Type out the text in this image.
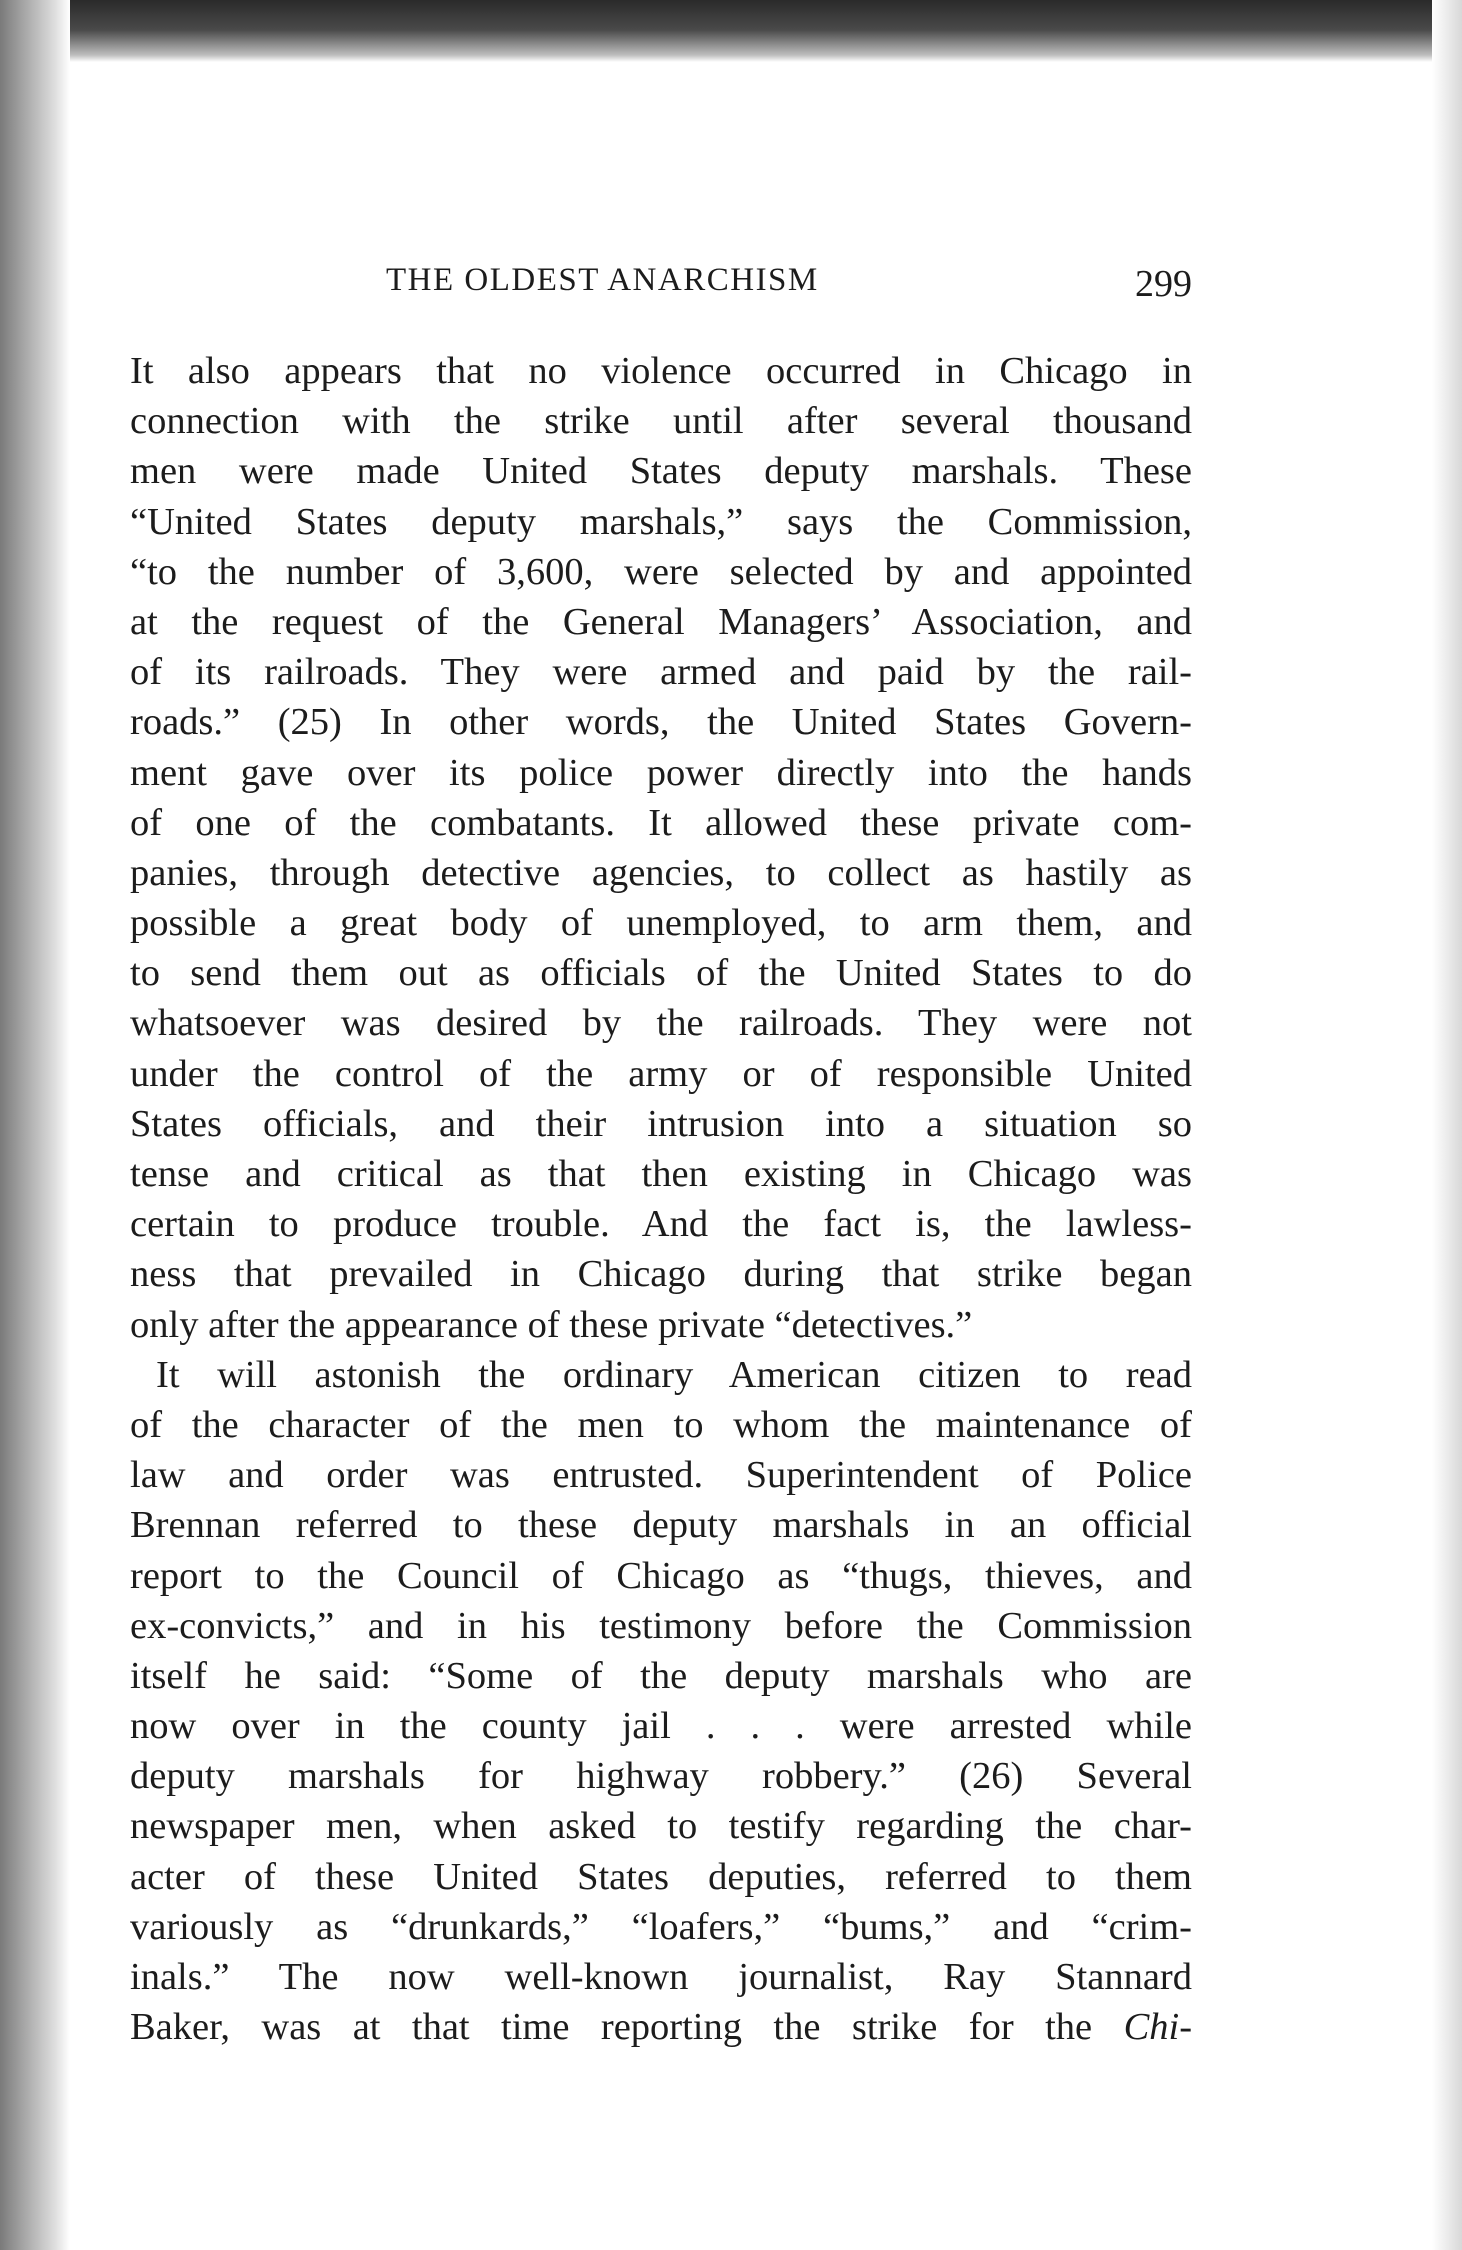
THE OLDEST ANARCHISM	299
It also appears that no violence occurred in Chicago in
connection with the strike until after several thousand
men were made United States deputy marshals. These
“United States deputy marshals,” says the Commission,
“to the number of 3,600, were selected by and appointed
at the request of the General Managers’ Association, and
of its railroads. They were armed and paid by the rail-
roads.” (25) In other words, the United States Govern-
ment gave over its police power directly into the hands
of one of the combatants. It allowed these private com-
panies, through detective agencies, to collect as hastily as
possible a great body of unemployed, to arm them, and
to send them out as officials of the United States to do
whatsoever was desired by the railroads. They were not
under the control of the army or of responsible United
States officials, and their intrusion into a situation so
tense and critical as that then existing in Chicago was
certain to produce trouble. And the fact is, the lawless-
ness that prevailed in Chicago during that strike began
only after the appearance of these private “detectives.”
It will astonish the ordinary American citizen to read
of the character of the men to whom the maintenance of
law and order was entrusted. Superintendent of Police
Brennan referred to these deputy marshals in an official
report to the Council of Chicago as “thugs, thieves, and
ex-convicts,” and in his testimony before the Commission
itself he said: “Some of the deputy marshals who are
now over in the county jail . . . were arrested while
deputy marshals for highway robbery.” (26) Several
newspaper men, when asked to testify regarding the char-
acter of these United States deputies, referred to them
variously as “drunkards,” “loafers,” “bums,” and “crim-
inals.” The now well-known journalist, Ray Stannard
Baker, was at that time reporting the strike for the Chi-
